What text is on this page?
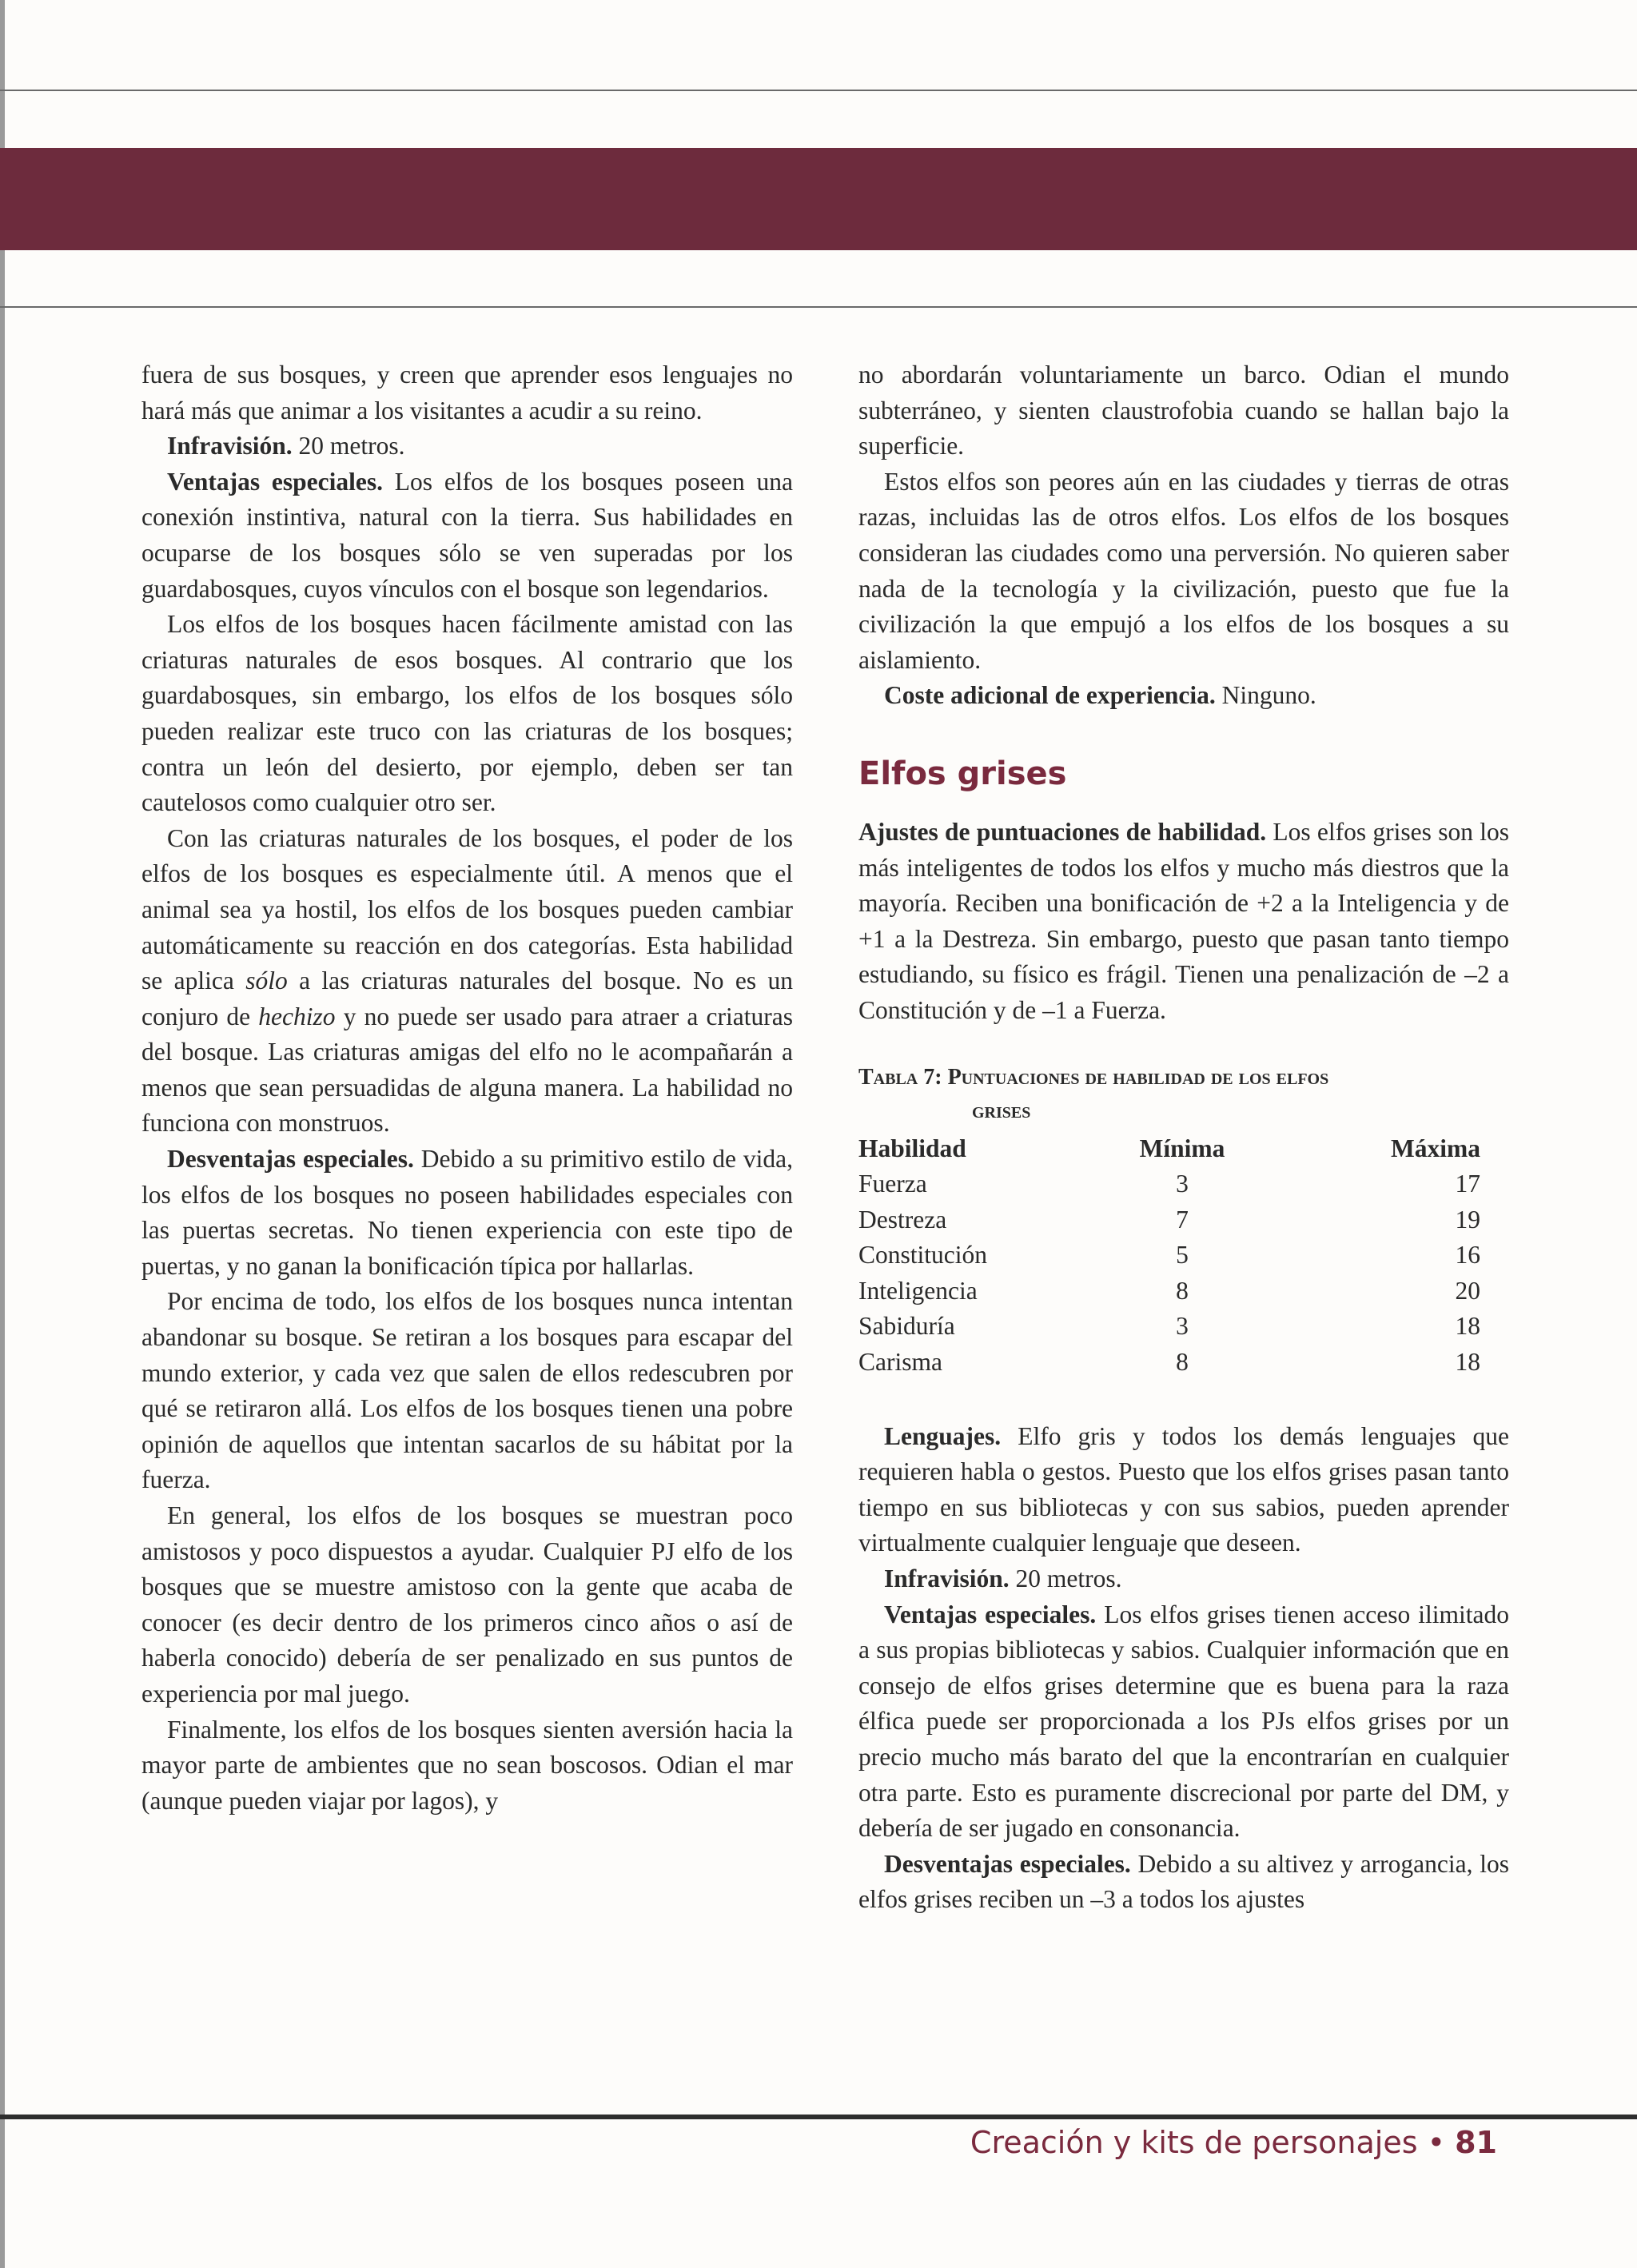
fuera de sus bosques, y creen que aprender esos lenguajes no hará más que animar a los visitantes a acudir a su reino.

Infravisión. 20 metros.

Ventajas especiales. Los elfos de los bosques poseen una conexión instintiva, natural con la tierra. Sus habilidades en ocuparse de los bosques sólo se ven superadas por los guardabosques, cuyos vínculos con el bosque son legendarios.

Los elfos de los bosques hacen fácilmente amistad con las criaturas naturales de esos bosques. Al contrario que los guardabosques, sin embargo, los elfos de los bosques sólo pueden realizar este truco con las criaturas de los bosques; contra un león del desierto, por ejemplo, deben ser tan cautelosos como cualquier otro ser.

Con las criaturas naturales de los bosques, el poder de los elfos de los bosques es especialmente útil. A menos que el animal sea ya hostil, los elfos de los bosques pueden cambiar automáticamente su reacción en dos categorías. Esta habilidad se aplica sólo a las criaturas naturales del bosque. No es un conjuro de hechizo y no puede ser usado para atraer a criaturas del bosque. Las criaturas amigas del elfo no le acompañarán a menos que sean persuadidas de alguna manera. La habilidad no funciona con monstruos.

Desventajas especiales. Debido a su primitivo estilo de vida, los elfos de los bosques no poseen habilidades especiales con las puertas secretas. No tienen experiencia con este tipo de puertas, y no ganan la bonificación típica por hallarlas.

Por encima de todo, los elfos de los bosques nunca intentan abandonar su bosque. Se retiran a los bosques para escapar del mundo exterior, y cada vez que salen de ellos redescubren por qué se retiraron allá. Los elfos de los bosques tienen una pobre opinión de aquellos que intentan sacarlos de su hábitat por la fuerza.

En general, los elfos de los bosques se muestran poco amistosos y poco dispuestos a ayudar. Cualquier PJ elfo de los bosques que se muestre amistoso con la gente que acaba de conocer (es decir dentro de los primeros cinco años o así de haberla conocido) debería de ser penalizado en sus puntos de experiencia por mal juego.

Finalmente, los elfos de los bosques sienten aversión hacia la mayor parte de ambientes que no sean boscosos. Odian el mar (aunque pueden viajar por lagos), y

no abordarán voluntariamente un barco. Odian el mundo subterráneo, y sienten claustrofobia cuando se hallan bajo la superficie.

Estos elfos son peores aún en las ciudades y tierras de otras razas, incluidas las de otros elfos. Los elfos de los bosques consideran las ciudades como una perversión. No quieren saber nada de la tecnología y la civilización, puesto que fue la civilización la que empujó a los elfos de los bosques a su aislamiento.

Coste adicional de experiencia. Ninguno.

Elfos grises

Ajustes de puntuaciones de habilidad. Los elfos grises son los más inteligentes de todos los elfos y mucho más diestros que la mayoría. Reciben una bonificación de +2 a la Inteligencia y de +1 a la Destreza. Sin embargo, puesto que pasan tanto tiempo estudiando, su físico es frágil. Tienen una penalización de –2 a Constitución y de –1 a Fuerza.

Tabla 7: Puntuaciones de habilidad de los elfos
grises
Habilidad	Mínima	Máxima
Fuerza	3	17
Destreza	7	19
Constitución	5	16
Inteligencia	8	20
Sabiduría	3	18
Carisma	8	18

Lenguajes. Elfo gris y todos los demás lenguajes que requieren habla o gestos. Puesto que los elfos grises pasan tanto tiempo en sus bibliotecas y con sus sabios, pueden aprender virtualmente cualquier lenguaje que deseen.

Infravisión. 20 metros.

Ventajas especiales. Los elfos grises tienen acceso ilimitado a sus propias bibliotecas y sabios. Cualquier información que en consejo de elfos grises determine que es buena para la raza élfica puede ser proporcionada a los PJs elfos grises por un precio mucho más barato del que la encontrarían en cualquier otra parte. Esto es puramente discrecional por parte del DM, y debería de ser jugado en consonancia.

Desventajas especiales. Debido a su altivez y arrogancia, los elfos grises reciben un –3 a todos los ajustes

Creación y kits de personajes • 81
